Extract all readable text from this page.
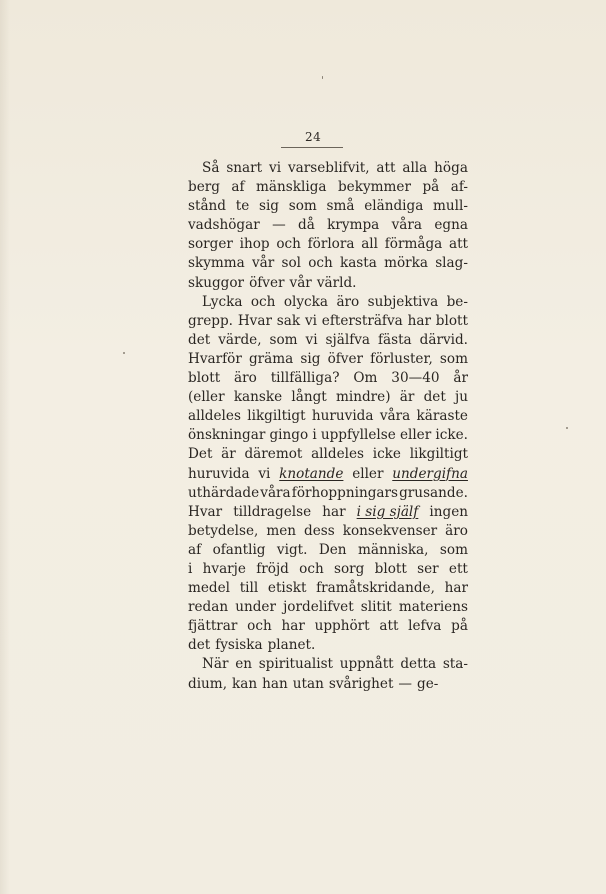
24
Så snart vi varseblifvit, att alla höga
berg af mänskliga bekymmer på af-
stånd te sig som små eländiga mull-
vadshögar — då krympa våra egna
sorger ihop och förlora all förmåga att
skymma vår sol och kasta mörka slag-
skuggor öfver vår värld.
Lycka och olycka äro subjektiva be-
grepp. Hvar sak vi eftersträfva har blott
det värde, som vi själfva fästa därvid.
Hvarför gräma sig öfver förluster, som
blott äro tillfälliga? Om 30—40 år
(eller kanske långt mindre) är det ju
alldeles likgiltigt huruvida våra käraste
önskningar gingo i uppfyllelse eller icke.
Det är däremot alldeles icke likgiltigt
huruvida vi knotande eller undergifna
uthärdade våra förhoppningars grusande.
Hvar tilldragelse har i sig själf ingen
betydelse, men dess konsekvenser äro
af ofantlig vigt. Den människa, som
i hvarje fröjd och sorg blott ser ett
medel till etiskt framåtskridande, har
redan under jordelifvet slitit materiens
fjättrar och har upphört att lefva på
det fysiska planet.
När en spiritualist uppnått detta sta-
dium, kan han utan svårighet — ge-
